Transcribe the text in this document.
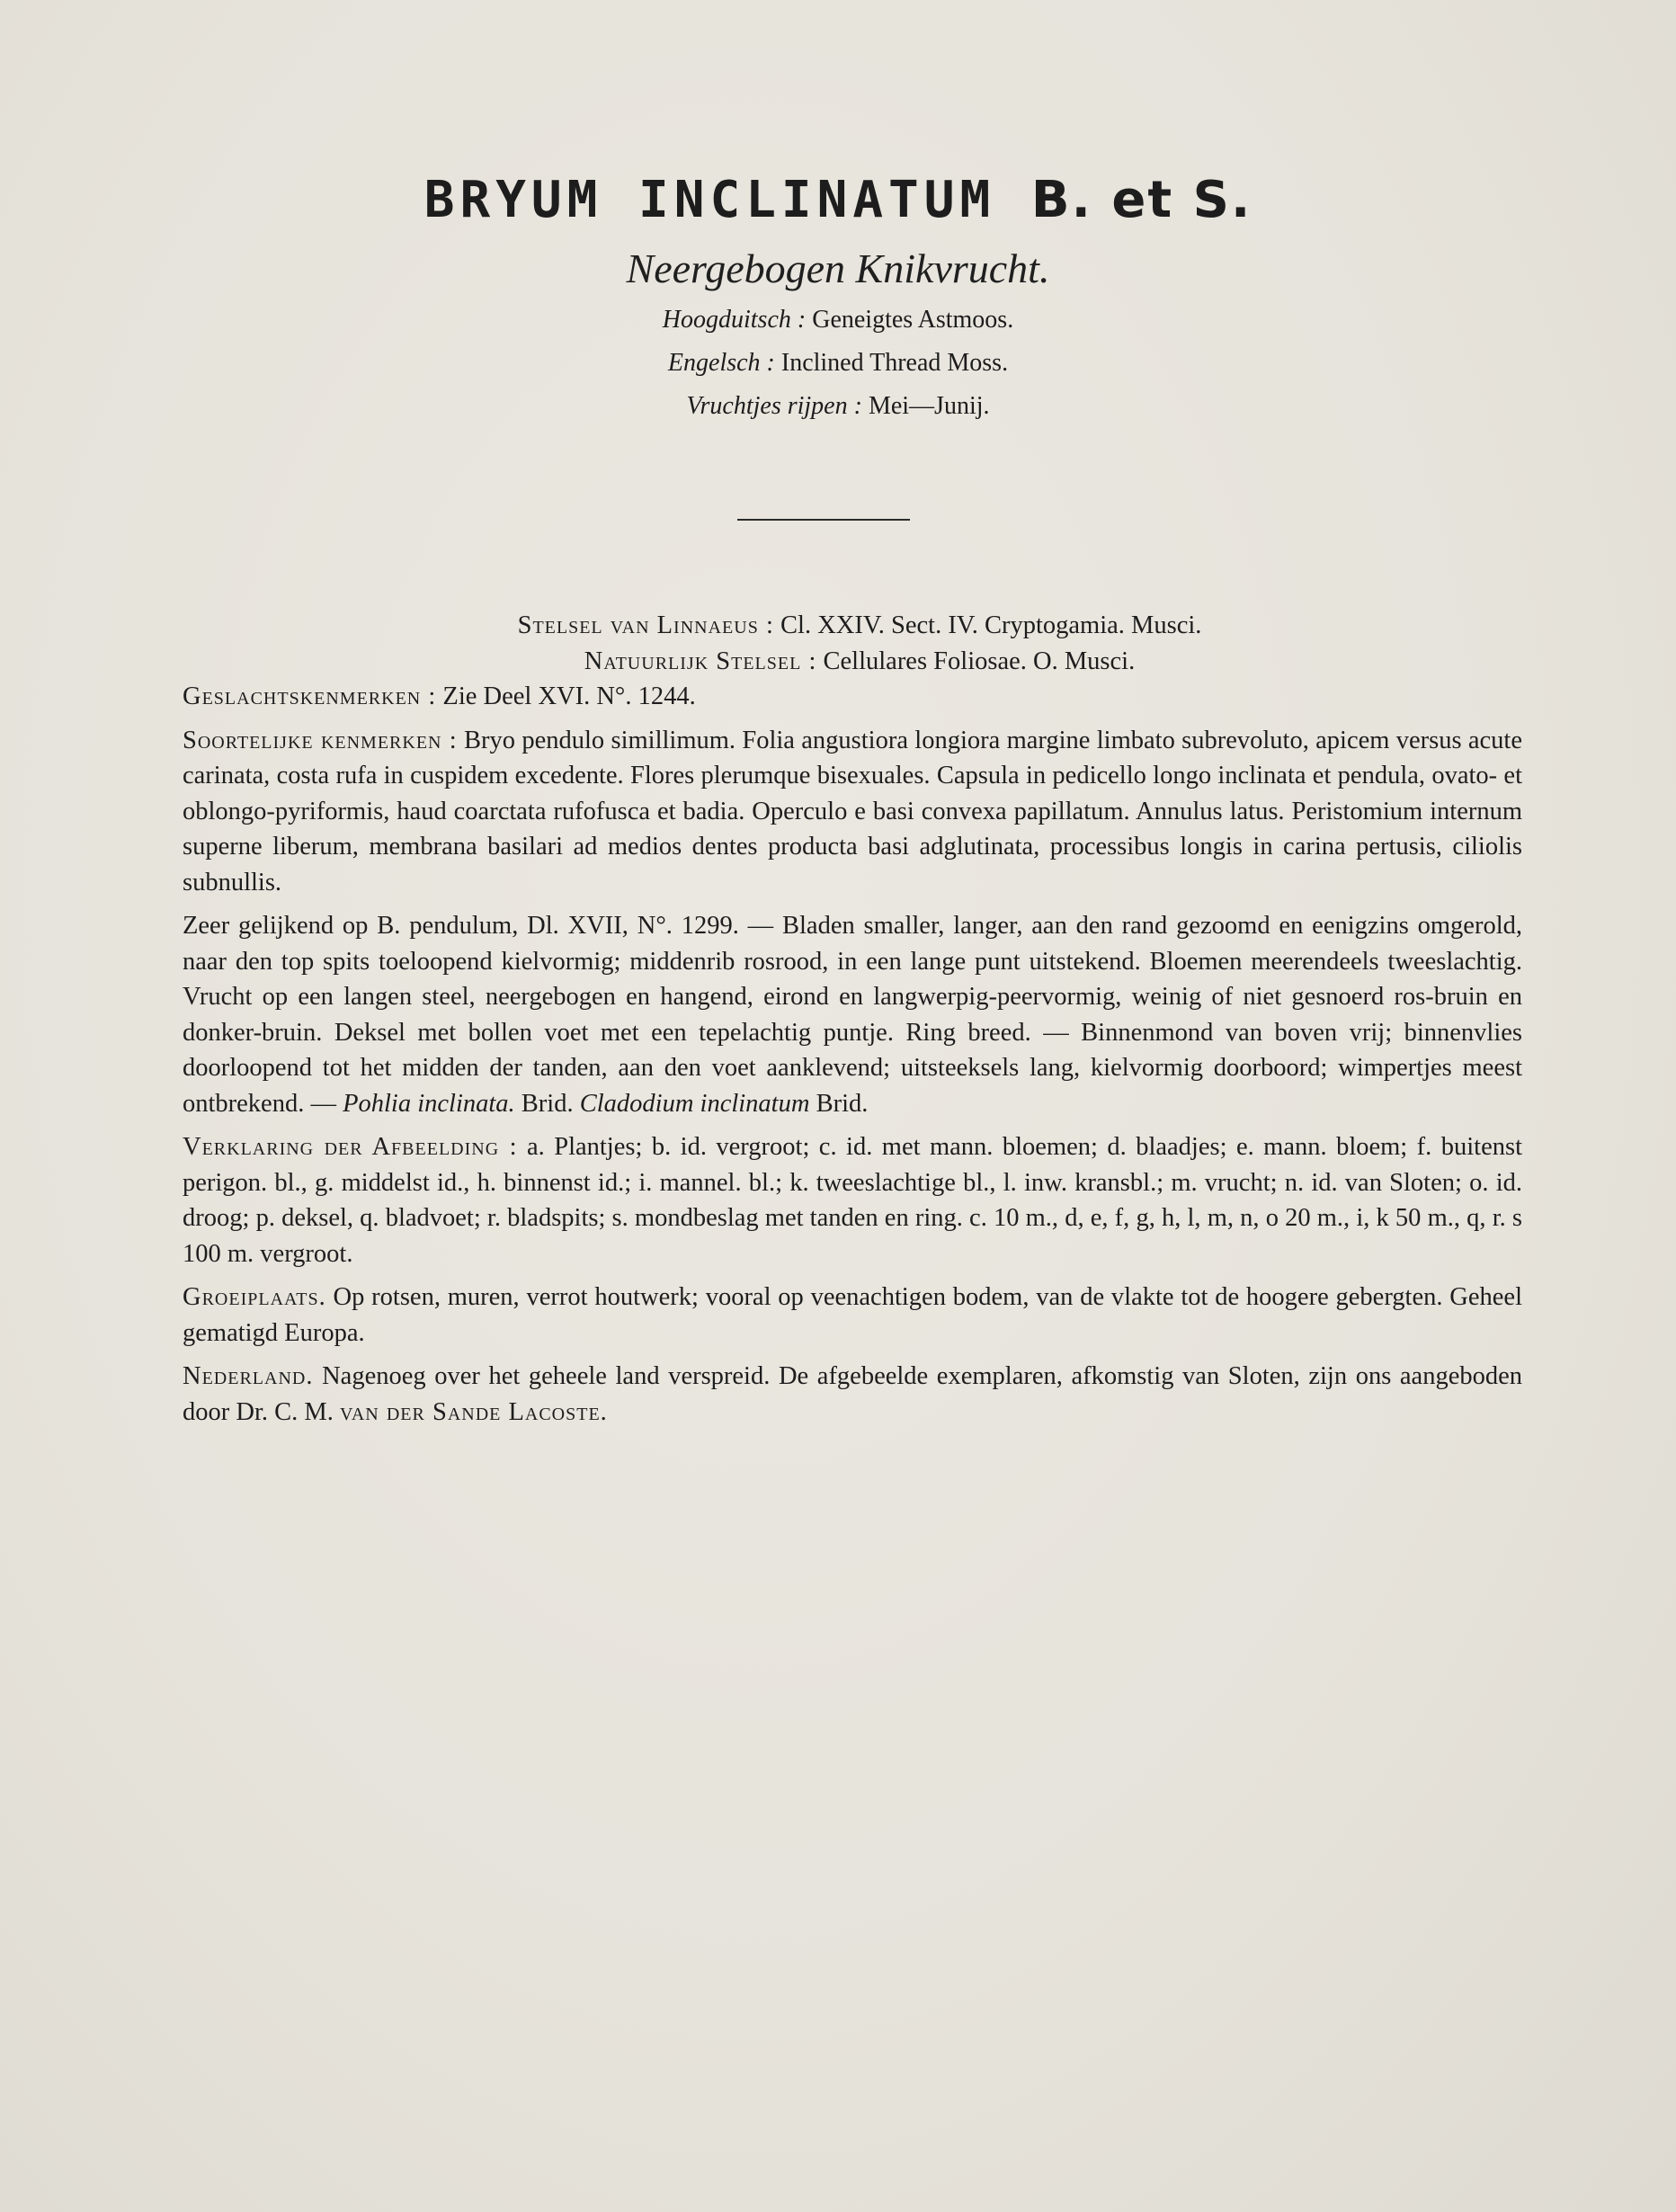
BRYUM INCLINATUM B. et S.
Neergebogen Knikvrucht.
Hoogduitsch : Geneigtes Astmoos.
Engelsch : Inclined Thread Moss.
Vruchtjes rijpen : Mei—Junij.

Stelsel van Linnaeus : Cl. XXIV. Sect. IV. Cryptogamia. Musci.

Natuurlijk Stelsel : Cellulares Foliosae. O. Musci.

Geslachtskenmerken : Zie Deel XVI. N°. 1244.

Soortelijke kenmerken : Bryo pendulo simillimum. Folia angustiora longiora margine limbato subrevoluto, apicem versus acute carinata, costa rufa in cuspidem excedente. Flores plerumque bisexuales. Capsula in pedicello longo inclinata et pendula, ovato- et oblongo-pyriformis, haud coarctata rufofusca et badia. Operculo e basi convexa papillatum. Annulus latus. Peristomium internum superne liberum, membrana basilari ad medios dentes producta basi adglutinata, processibus longis in carina pertusis, ciliolis subnullis.

Zeer gelijkend op B. pendulum, Dl. XVII, N°. 1299. — Bladen smaller, langer, aan den rand gezoomd en eenigzins omgerold, naar den top spits toeloopend kielvormig; middenrib rosrood, in een lange punt uitstekend. Bloemen meerendeels tweeslachtig. Vrucht op een langen steel, neergebogen en hangend, eirond en langwerpig-peervormig, weinig of niet gesnoerd ros-bruin en donker-bruin. Deksel met bollen voet met een tepelachtig puntje. Ring breed. — Binnenmond van boven vrij; binnenvlies doorloopend tot het midden der tanden, aan den voet aanklevend; uitsteeksels lang, kielvormig doorboord; wimpertjes meest ontbrekend. — Pohlia inclinata. Brid. Cladodium inclinatum Brid.

Verklaring der Afbeelding : a. Plantjes; b. id. vergroot; c. id. met mann. bloemen; d. blaadjes; e. mann. bloem; f. buitenst perigon. bl., g. middelst id., h. binnenst id.; i. mannel. bl.; k. tweeslachtige bl., l. inw. kransbl.; m. vrucht; n. id. van Sloten; o. id. droog; p. deksel, q. bladvoet; r. bladspits; s. mondbeslag met tanden en ring. c. 10 m., d, e, f, g, h, l, m, n, o 20 m., i, k 50 m., q, r. s 100 m. vergroot.

Groeiplaats. Op rotsen, muren, verrot houtwerk; vooral op veenachtigen bodem, van de vlakte tot de hoogere gebergten. Geheel gematigd Europa.

Nederland. Nagenoeg over het geheele land verspreid. De afgebeelde exemplaren, afkomstig van Sloten, zijn ons aangeboden door Dr. C. M. van der Sande Lacoste.
